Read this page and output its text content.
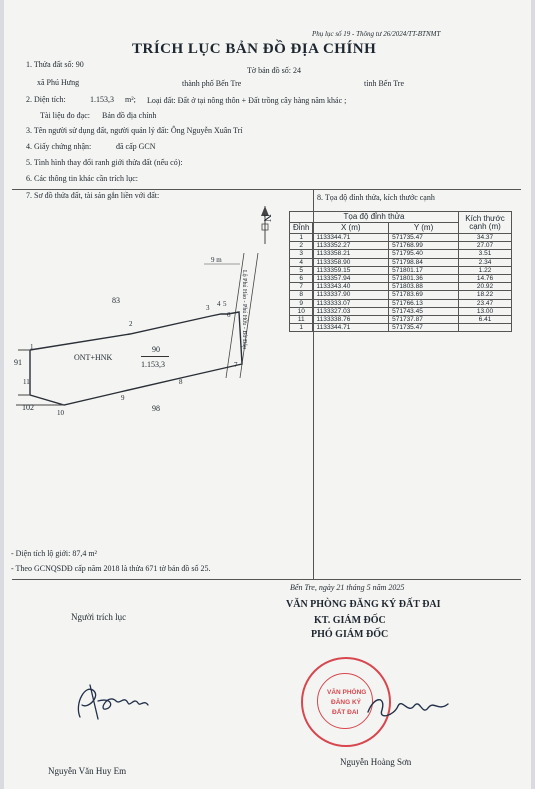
Phụ lục số 19 - Thông tư 26/2024/TT-BTNMT
TRÍCH LỤC BẢN ĐỒ ĐỊA CHÍNH
1. Thửa đất số: 90
Tờ bản đồ số: 24
xã Phú Hưng	thành phố Bến Tre	tỉnh Bến Tre
2. Diện tích:	1.153,3 m²; Loại đất: Đất ở tại nông thôn + Đất trồng cây hàng năm khác ;
Tài liệu đo đạc: Bản đồ địa chính
3. Tên người sử dụng đất, người quản lý đất: Ông Nguyễn Xuân Trí
4. Giấy chứng nhận:	đã cấp GCN
5. Tình hình thay đổi ranh giới thửa đất (nếu có):
6. Các thông tin khác cần trích lục:
7. Sơ đồ thửa đất, tài sản gắn liền với đất:	8. Tọa độ đỉnh thửa, kích thước cạnh
N
9 m
Lộ Phú Hào - Phú Hữu - Bờ Đắp
83
91
102	98
90
ONT+HNK
1.153,3
1
2
3 4 5
6
7
8
9
10
11
Tọa độ đỉnh thửa			Kích thước cạnh (m)
Đỉnh	X (m)	Y (m)	
1	1133344.71	571735.47	34.37
2	1133352.27	571768.99	27.07
3	1133358.21	571795.40	3.51
4	1133358.90	571798.84	2.34
5	1133359.15	571801.17	1.22
6	1133357.94	571801.36	14.76
7	1133343.40	571803.88	20.92
8	1133337.90	571783.69	18.22
9	1133333.07	571766.13	23.47
10	1133327.03	571743.45	13.00
11	1133338.76	571737.87	6.41
1	1133344.71	571735.47	
- Diện tích lộ giới: 87,4 m²
- Theo GCNQSDĐ cấp năm 2018 là thửa 671 tờ bản đồ số 25.
Bến Tre, ngày 21 tháng 5 năm 2025
VĂN PHÒNG ĐĂNG KÝ ĐẤT ĐAI
KT. GIÁM ĐỐC
PHÓ GIÁM ĐỐC
Người trích lục
VĂN PHÒNG
ĐĂNG KÝ
ĐẤT ĐAI
Nguyễn Văn Huy Em
Nguyễn Hoàng Sơn
